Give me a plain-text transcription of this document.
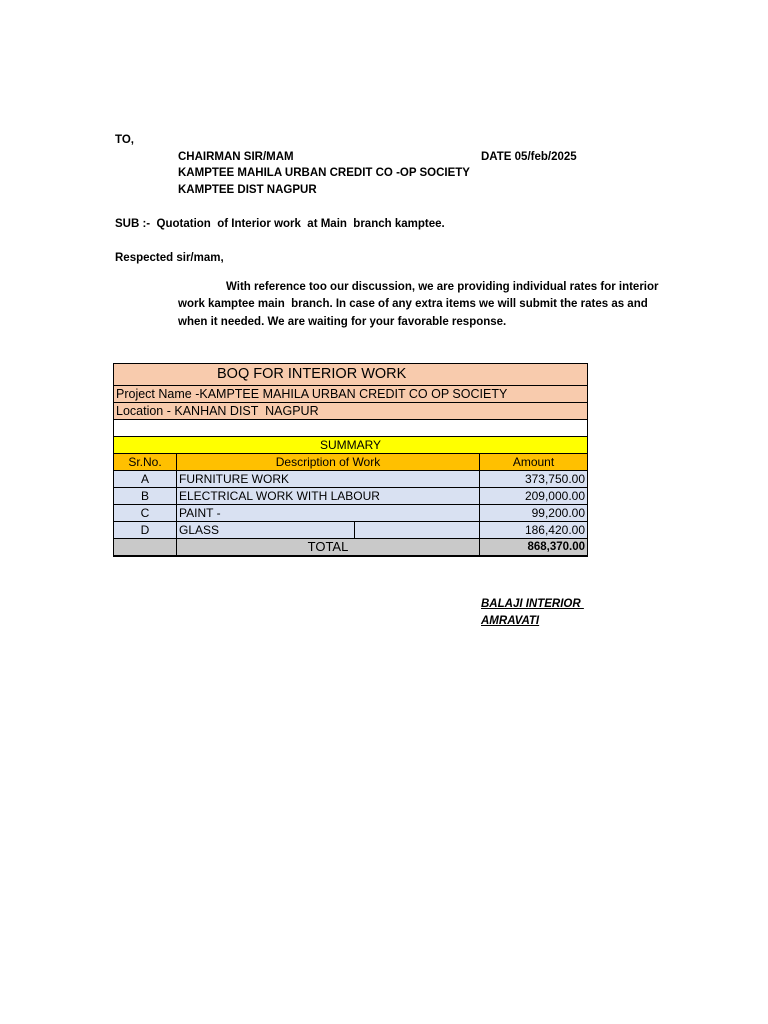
TO,
CHAIRMAN SIR/MAM	DATE 05/feb/2025
KAMPTEE MAHILA URBAN CREDIT CO -OP SOCIETY
KAMPTEE DIST NAGPUR
SUB :-  Quotation  of Interior work  at Main  branch kamptee.
Respected sir/mam,
With reference too our discussion, we are providing individual rates for interior
work kamptee main  branch. In case of any extra items we will submit the rates as and
when it needed. We are waiting for your favorable response.
BOQ FOR INTERIOR WORK			
Project Name -KAMPTEE MAHILA URBAN CREDIT CO OP SOCIETY			
Location - KANHAN DIST  NAGPUR			

SUMMARY			
Sr.No.	Description of Work		Amount
A	FURNITURE WORK		373,750.00
B	ELECTRICAL WORK WITH LABOUR		209,000.00
C	PAINT -		99,200.00
D	GLASS		186,420.00
	TOTAL		868,370.00
BALAJI INTERIOR
AMRAVATI
